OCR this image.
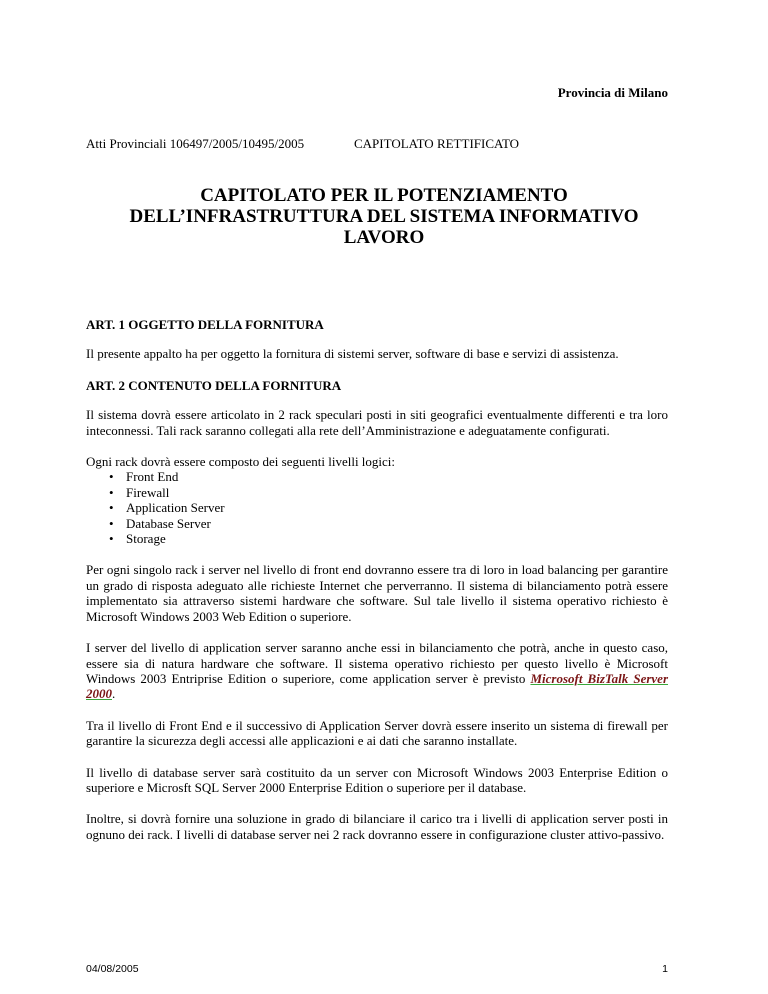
Provincia di Milano
Atti Provinciali 106497/2005/10495/2005	CAPITOLATO RETTIFICATO
CAPITOLATO PER IL POTENZIAMENTO
DELL’INFRASTRUTTURA DEL SISTEMA INFORMATIVO
LAVORO
ART. 1 OGGETTO DELLA FORNITURA

Il presente appalto ha per oggetto la fornitura di sistemi server, software di base e servizi di assistenza.

ART. 2 CONTENUTO DELLA FORNITURA

Il sistema dovrà essere articolato in 2 rack speculari posti in siti geografici eventualmente differenti e tra loro inteconnessi. Tali rack saranno collegati alla rete dell’Amministrazione e adeguatamente configurati.

Ogni rack dovrà essere composto dei seguenti livelli logici:

• Front End
• Firewall
• Application Server
• Database Server
• Storage

Per ogni singolo rack i server nel livello di front end dovranno essere tra di loro in load balancing per garantire un grado di risposta adeguato alle richieste Internet che perverranno. Il sistema di bilanciamento potrà essere implementato sia attraverso sistemi hardware che software. Sul tale livello il sistema operativo richiesto è Microsoft Windows 2003 Web Edition o superiore.

I server del livello di application server saranno anche essi in bilanciamento che potrà, anche in questo caso, essere sia di natura hardware che software. Il sistema operativo richiesto per questo livello è Microsoft Windows 2003 Entriprise Edition o superiore, come application server è previsto Microsoft BizTalk Server 2000.

Tra il livello di Front End e il successivo di Application Server dovrà essere inserito un sistema di firewall per garantire la sicurezza degli accessi alle applicazioni e ai dati che saranno installate.

Il livello di database server sarà costituito da un server con Microsoft Windows 2003 Enterprise Edition o superiore e Microsft SQL Server 2000 Enterprise Edition o superiore per il database.

Inoltre, si dovrà fornire una soluzione in grado di bilanciare il carico tra i livelli di application server posti in ognuno dei rack. I livelli di database server nei 2 rack dovranno essere in configurazione cluster attivo-passivo.

04/08/2005	1
